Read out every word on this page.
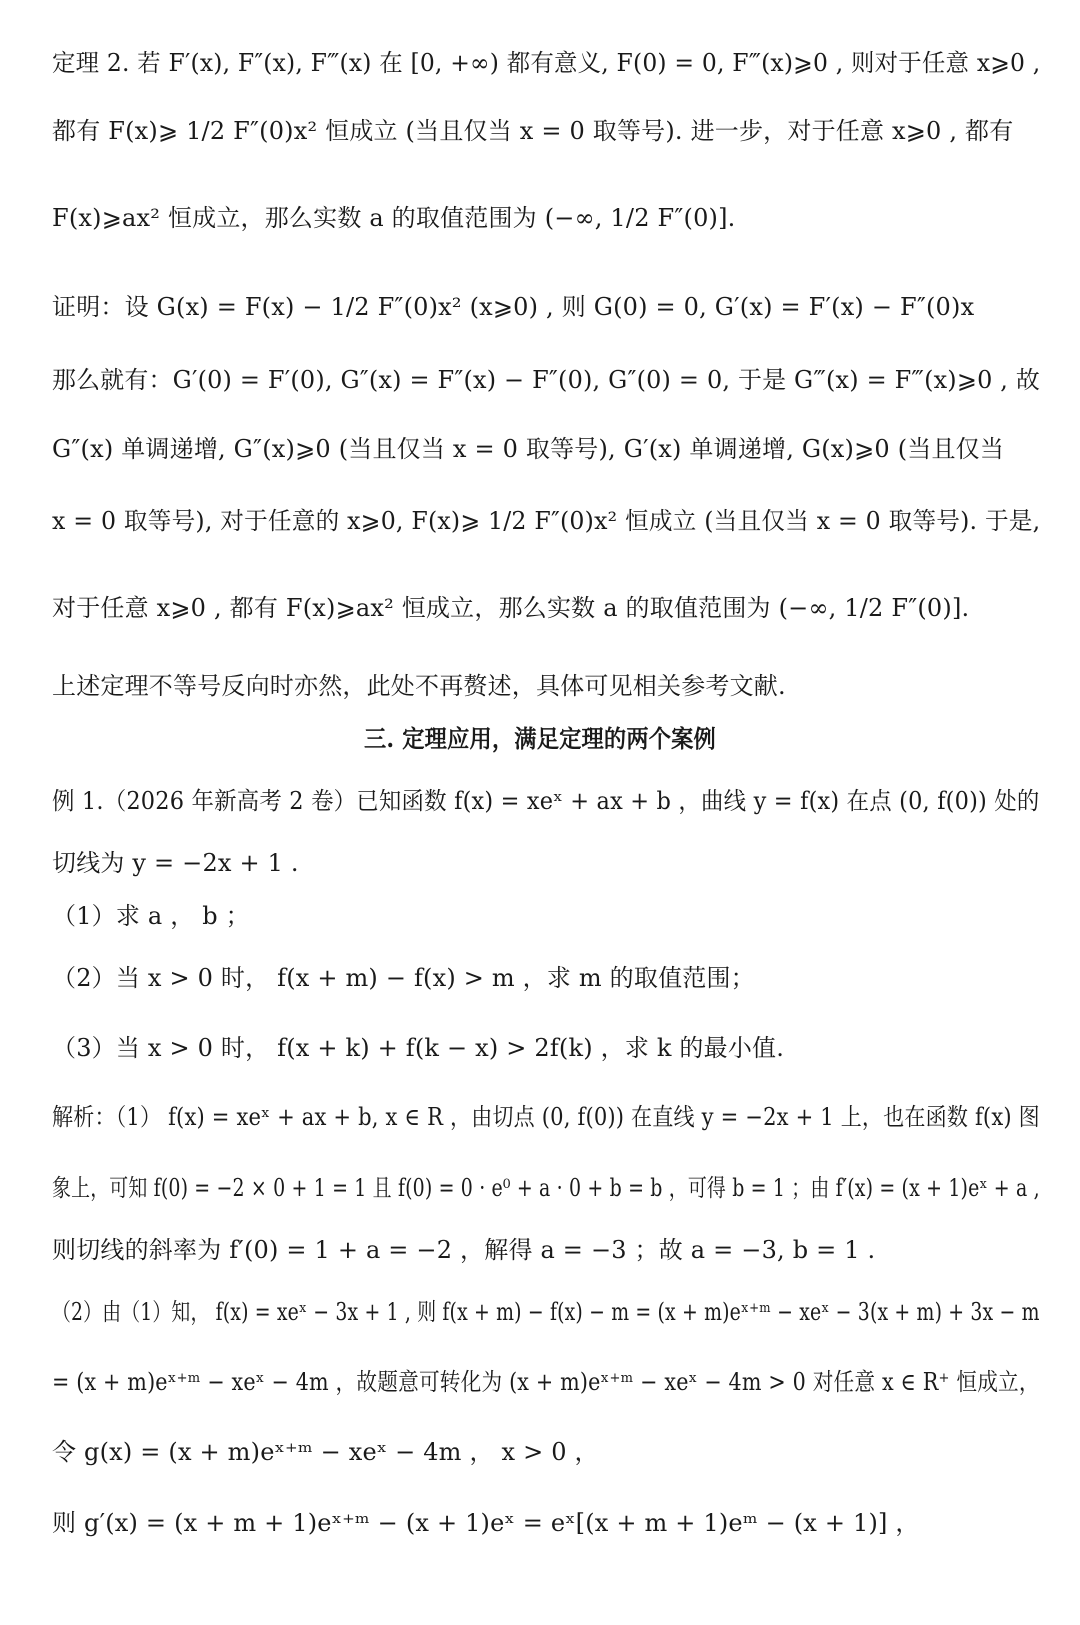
定理 2. 若 F′(x), F″(x), F‴(x) 在 [0, +∞) 都有意义, F(0) = 0, F‴(x)⩾0 , 则对于任意 x⩾0 ,
都有 F(x)⩾ 1/2 F″(0)x² 恒成立 (当且仅当 x = 0 取等号). 进一步，对于任意 x⩾0 , 都有
F(x)⩾ax² 恒成立，那么实数 a 的取值范围为 (−∞, 1/2 F″(0)].
证明：设 G(x) = F(x) − 1/2 F″(0)x² (x⩾0) , 则 G(0) = 0, G′(x) = F′(x) − F″(0)x
那么就有：G′(0) = F′(0), G″(x) = F″(x) − F″(0), G″(0) = 0, 于是 G‴(x) = F‴(x)⩾0 , 故
G″(x) 单调递增, G″(x)⩾0 (当且仅当 x = 0 取等号), G′(x) 单调递增, G(x)⩾0 (当且仅当
x = 0 取等号), 对于任意的 x⩾0, F(x)⩾ 1/2 F″(0)x² 恒成立 (当且仅当 x = 0 取等号). 于是,
对于任意 x⩾0 , 都有 F(x)⩾ax² 恒成立，那么实数 a 的取值范围为 (−∞, 1/2 F″(0)].
上述定理不等号反向时亦然，此处不再赘述，具体可见相关参考文献.
三. 定理应用，满足定理的两个案例
例 1.（2026 年新高考 2 卷）已知函数 f(x) = xeˣ + ax + b ，曲线 y = f(x) 在点 (0, f(0)) 处的
切线为 y = −2x + 1 .
（1）求 a ， b ；
（2）当 x > 0 时， f(x + m) − f(x) > m ，求 m 的取值范围；
（3）当 x > 0 时， f(x + k) + f(k − x) > 2f(k) ，求 k 的最小值.
解析：（1） f(x) = xeˣ + ax + b, x ∈ R ，由切点 (0, f(0)) 在直线 y = −2x + 1 上，也在函数 f(x) 图
象上，可知 f(0) = −2 × 0 + 1 = 1 且 f(0) = 0 · e⁰ + a · 0 + b = b ，可得 b = 1 ；由 f′(x) = (x + 1)eˣ + a ,
则切线的斜率为 f′(0) = 1 + a = −2 ，解得 a = −3 ；故 a = −3, b = 1 .
（2）由（1）知， f(x) = xeˣ − 3x + 1 , 则 f(x + m) − f(x) − m = (x + m)eˣ⁺ᵐ − xeˣ − 3(x + m) + 3x − m
= (x + m)eˣ⁺ᵐ − xeˣ − 4m ，故题意可转化为 (x + m)eˣ⁺ᵐ − xeˣ − 4m > 0 对任意 x ∈ R⁺ 恒成立，
令 g(x) = (x + m)eˣ⁺ᵐ − xeˣ − 4m ， x > 0 ，
则 g′(x) = (x + m + 1)eˣ⁺ᵐ − (x + 1)eˣ = eˣ[(x + m + 1)eᵐ − (x + 1)] ，
